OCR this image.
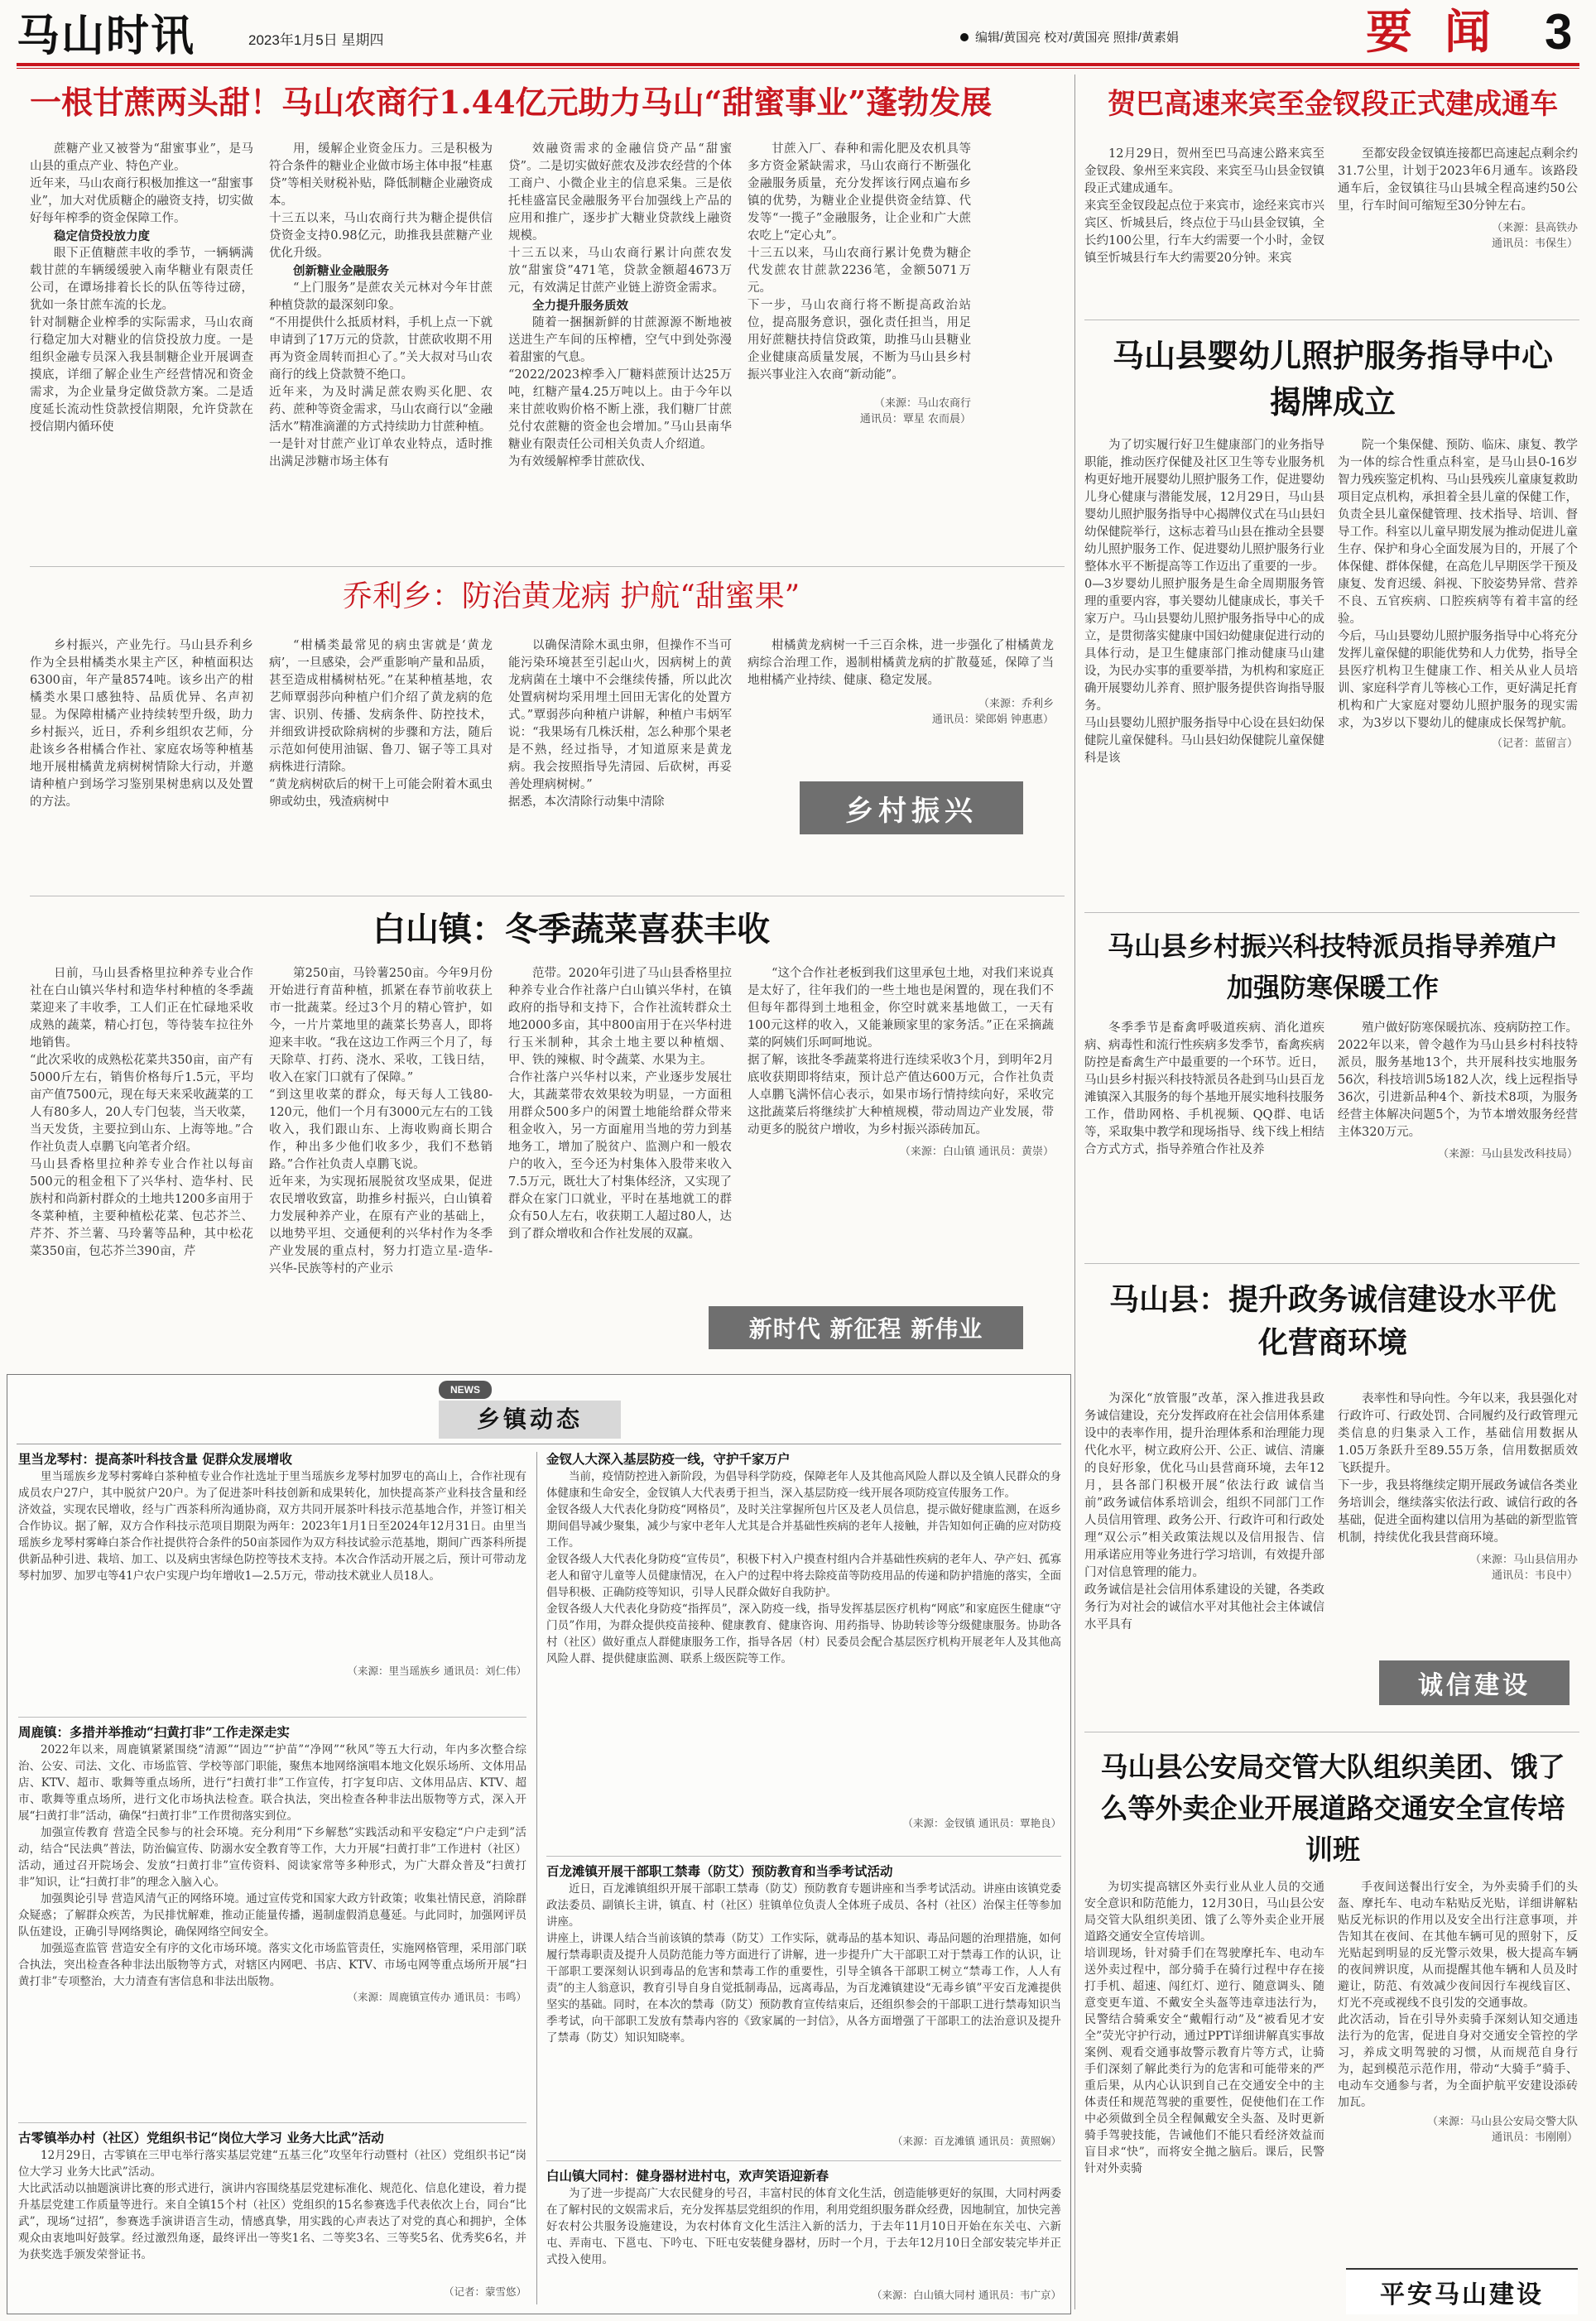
马山时讯	2023年1月5日 星期四	编辑/黄国亮 校对/黄国亮 照排/黄素娟	要  闻 3
一根甘蔗两头甜！马山农商行1.44亿元助力马山“甜蜜事业”蓬勃发展
蔗糖产业又被誉为“甜蜜事业”，是马山县的重点产业、特色产业。
近年来，马山农商行积极加推这一“甜蜜事业”，加大对优质糖企的融资支持，切实做好每年榨季的资金保障工作。
稳定信贷投放力度
眼下正值糖蔗丰收的季节，一辆辆满载甘蔗的车辆缓缓驶入南华糖业有限责任公司，在谭场排着长长的队伍等待过磅，犹如一条甘蔗车流的长龙。
针对制糖企业榨季的实际需求，马山农商行稳定加大对糖业的信贷投放力度。一是组织金融专员深入我县制糖企业开展调查摸底，详细了解企业生产经营情况和资金需求，为企业量身定做贷款方案。二是适度延长流动性贷款授信期限，允许贷款在授信期内循环使
用，缓解企业资金压力。三是积极为符合条件的糖业企业做市场主体申报“桂惠贷”等相关财税补贴，降低制糖企业融资成本。
十三五以来，马山农商行共为糖企提供信贷资金支持0.98亿元，助推我县蔗糖产业优化升级。
创新糖业金融服务
“上门服务”是蔗农关元林对今年甘蔗种植贷款的最深刻印象。
“不用提供什么抵质材料，手机上点一下就申请到了17万元的贷款，甘蔗砍收期不用再为资金周转而担心了。”关大叔对马山农商行的线上贷款赞不绝口。
近年来，为及时满足蔗农购买化肥、农药、蔗种等资金需求，马山农商行以“金融活水”精准滴灌的方式持续助力甘蔗种植。
一是针对甘蔗产业订单农业特点，适时推出满足涉糖市场主体有
效融资需求的金融信贷产品“甜蜜贷”。二是切实做好蔗农及涉农经营的个体工商户、小微企业主的信息采集。三是依托桂盛富民金融服务平台加强线上产品的应用和推广，逐步扩大糖业贷款线上融资规模。
十三五以来，马山农商行累计向蔗农发放“甜蜜贷”471笔，贷款金额超4673万元，有效满足甘蔗产业链上游资金需求。
全力提升服务质效
随着一捆捆新鲜的甘蔗源源不断地被送进生产车间的压榨槽，空气中到处弥漫着甜蜜的气息。
“2022/2023榨季入厂糖料蔗预计达25万吨，红糖产量4.25万吨以上。由于今年以来甘蔗收购价格不断上涨，我们糖厂甘蔗兑付农蔗糖的资金也会增加。”马山县南华糖业有限责任公司相关负责人介绍道。
为有效缓解榨季甘蔗砍伐、
甘蔗入厂、春种和需化肥及农机具等多方资金紧缺需求，马山农商行不断强化金融服务质量，充分发挥该行网点遍布乡镇的优势，为糖业企业提供资金结算、代发等“一揽子”金融服务，让企业和广大蔗农吃上“定心丸”。
十三五以来，马山农商行累计免费为糖企代发蔗农甘蔗款2236笔，金额5071万元。
下一步，马山农商行将不断提高政治站位，提高服务意识，强化责任担当，用足用好蔗糖扶持信贷政策，助推马山县糖业企业健康高质量发展，不断为马山县乡村振兴事业注入农商“新动能”。
（来源：马山农商行
通讯员：覃星 农而晨）
乔利乡：防治黄龙病 护航“甜蜜果”
乡村振兴，产业先行。马山县乔利乡作为全县柑橘类水果主产区，种植面积达6300亩，年产量8574吨。该乡出产的柑橘类水果口感独特、品质优异、名声初显。为保障柑橘产业持续转型升级，助力乡村振兴，近日，乔利乡组织农艺师，分赴该乡各柑橘合作社、家庭农场等种植基地开展柑橘黄龙病树树情除大行动，并邀请种植户到场学习鉴别果树患病以及处置的方法。
“柑橘类最常见的病虫害就是‘黄龙病’，一旦感染，会严重影响产量和品质，甚至造成柑橘树枯死。”在某种植基地，农艺师覃弱莎向种植户们介绍了黄龙病的危害、识别、传播、发病条件、防控技术，并细致讲授砍除病树的步骤和方法，随后示范如何使用油锯、鲁刀、锯子等工具对病株进行清除。
“黄龙病树砍后的树干上可能会附着木虱虫卵或幼虫，残渣病树中
以确保清除木虱虫卵，但操作不当可能污染环境甚至引起山火，因病树上的黄龙病菌在土壤中不会继续传播，所以此次处置病树均采用埋土回田无害化的处置方式。”覃弱莎向种植户讲解，种植户韦炳军说：“我果场有几株沃柑，怎么种那个果老是不熟，经过指导，才知道原来是黄龙病。我会按照指导先清园、后砍树，再妥善处理病树树。”
据悉，本次清除行动集中清除
柑橘黄龙病树一千三百余株，进一步强化了柑橘黄龙病综合治理工作，遏制柑橘黄龙病的扩散蔓延，保障了当地柑橘产业持续、健康、稳定发展。
（来源：乔利乡
通讯员：梁郎娟 钟惠惠）
乡村振兴
白山镇：冬季蔬菜喜获丰收
日前，马山县香格里拉种养专业合作社在白山镇兴华村和造华村种植的冬季蔬菜迎来了丰收季，工人们正在忙碌地采收成熟的蔬菜，精心打包，等待装车拉往外地销售。
“此次采收的成熟松花菜共350亩，亩产有5000斤左右，销售价格每斤1.5元，平均亩产值7500元，现在每天来采收蔬菜的工人有80多人，20人专门包装，当天收菜，当天发货，主要拉到山东、上海等地。”合作社负责人卓鹏飞向笔者介绍。
马山县香格里拉种养专业合作社以每亩500元的租金租下了兴华村、造华村、民族村和尚新村群众的土地共1200多亩用于冬菜种植，主要种植松花菜、包芯芥兰、芹芥、芥兰薯、马玲薯等品种，其中松花菜350亩，包芯芥兰390亩，芹
第250亩，马铃薯250亩。今年9月份开始进行育苗种植，抓紧在春节前收获上市一批蔬菜。经过3个月的精心管护，如今，一片片菜地里的蔬菜长势喜人，即将迎来丰收。“我在这边工作两三个月了，每天除草、打药、浇水、采收，工钱日结，收入在家门口就有了保障。”
“到这里收菜的群众，每天每人工钱80-120元，他们一个月有3000元左右的工钱收入，我们跟山东、上海收购商长期合作，种出多少他们收多少，我们不愁销路。”合作社负责人卓鹏飞说。
近年来，为实现拓展脱贫攻坚成果，促进农民增收致富，助推乡村振兴，白山镇着力发展种养产业，在原有产业的基础上，以地势平坦、交通便利的兴华村作为冬季产业发展的重点村，努力打造立星-造华-兴华-民族等村的产业示
范带。2020年引进了马山县香格里拉种养专业合作社落户白山镇兴华村，在镇政府的指导和支持下，合作社流转群众土地2000多亩，其中800亩用于在兴华村进行玉米制种，其余土地主要以种植烟、甲、铁的辣椒、时令蔬菜、水果为主。
合作社落户兴华村以来，产业逐步发展壮大，其蔬菜带农效果较为明显，一方面租用群众500多户的闲置土地能给群众带来租金收入，另一方面雇用当地的劳力到基地务工，增加了脱贫户、监测户和一般农户的收入，至今还为村集体入股带来收入7.5万元，既壮大了村集体经济，又实现了群众在家门口就业，平时在基地就工的群众有50人左右，收获期工人超过80人，达到了群众增收和合作社发展的双赢。
“这个合作社老板到我们这里承包土地，对我们来说真是太好了，往年我们的一些土地也是闲置的，现在我们不但每年都得到土地租金，你空时就来基地做工，一天有100元这样的收入，又能兼顾家里的家务活。”正在采摘蔬菜的阿姨们乐呵呵地说。
据了解，该批冬季蔬菜将进行连续采收3个月，到明年2月底收获期即将结束，预计总产值达600万元，合作社负责人卓鹏飞满怀信心表示，如果市场行情持续向好，采收完这批蔬菜后将继续扩大种植规模，带动周边产业发展，带动更多的脱贫户增收，为乡村振兴添砖加瓦。
（来源：白山镇 通讯员：黄崇）
新时代 新征程 新伟业
NEWS
乡镇动态
里当龙琴村：提高茶叶科技含量 促群众发展增收
里当瑶族乡龙琴村雾峰白茶种植专业合作社选址于里当瑶族乡龙琴村加罗屯的高山上，合作社现有成员农户27户，其中脱贫户20户。为了促进茶叶科技创新和成果转化，加快提高茶产业科技含量和经济效益，实现农民增收，经与广西茶科所沟通协商，双方共同开展茶叶科技示范基地合作，并签订相关合作协议。据了解，双方合作科技示范项目期限为两年：2023年1月1日至2024年12月31日。由里当瑶族乡龙琴村雾峰白茶合作社提供符合条件的50亩茶园作为双方科技试验示范基地，期间广西茶科所提供新品种引进、栽培、加工、以及病虫害绿色防控等技术支持。本次合作活动开展之后，预计可带动龙琴村加罗、加罗屯等41户农户实现户均年增收1—2.5万元，带动技术就业人员18人。
（来源：里当瑶族乡 通讯员：刘仁伟）
周鹿镇：多措并举推动“扫黄打非”工作走深走实
2022年以来，周鹿镇紧紧围绕“清源”“固边”“护苗”“净网”“秋风”等五大行动，年内多次整合综治、公安、司法、文化、市场监管、学校等部门职能，聚焦本地网络演唱本地文化娱乐场所、文体用品店、KTV、超市、歌舞等重点场所，进行“扫黄打非”工作宣传，打字复印店、文体用品店、KTV、超市、歌舞等重点场所，进行文化市场执法检查。联合执法，突出检查各种非法出版物等方式，深入开展“扫黄打非”活动，确保“扫黄打非”工作贯彻落实到位。
加强宣传教育 营造全民参与的社会环境。充分利用“下乡解愁”实践活动和平安稳定“户户走到”活动，结合“民法典”普法，防治偏宣传、防溺水安全教育等工作，大力开展“扫黄打非”工作进村（社区）活动，通过召开院场会、发放“扫黄打非”宣传资料、阅读家常等多种形式，为广大群众普及“扫黄打非”知识，让“扫黄打非”的理念入脑入心。
加强舆论引导 营造风清气正的网络环境。通过宣传党和国家大政方针政策；收集社情民意，消除群众疑惑；了解群众疾苦，为民排忧解难，推动正能量传播，遏制虚假消息蔓延。与此同时，加强网评员队伍建设，正确引导网络舆论，确保网络空间安全。
加强巡查监管 营造安全有序的文化市场环境。落实文化市场监管责任，实施网格管理，采用部门联合执法，突出检查各种非法出版物等方式，对辖区内网吧、书店、KTV、市场屯网等重点场所开展“扫黄打非”专项整治，大力清查有害信息和非法出版物。
（来源：周鹿镇宣传办 通讯员：韦鸣）
古零镇举办村（社区）党组织书记“岗位大学习 业务大比武”活动
12月29日，古零镇在三甲屯举行落实基层党建“五基三化”攻坚年行动暨村（社区）党组织书记“岗位大学习 业务大比武”活动。
大比武活动以抽题演讲比赛的形式进行，演讲内容围绕基层党建标准化、规范化、信息化建设，着力提升基层党建工作质量等进行。来自全镇15个村（社区）党组织的15名参赛选手代表依次上台，同台“比武”，现场“过招”，参赛选手演讲语言生动，情感真挚，用实践的心声表达了对党的真心和拥护，全体观众由衷地叫好鼓掌。经过激烈角逐，最终评出一等奖1名、二等奖3名、三等奖5名、优秀奖6名，并为获奖选手颁发荣誉证书。
（记者：蒙雪悠）
金钗人大深入基层防疫一线，守护千家万户
当前，疫情防控进入新阶段，为倡导科学防疫，保障老年人及其他高风险人群以及全镇人民群众的身体健康和生命安全，金钗镇人大代表勇于担当，深入基层防疫一线开展各项防疫宣传服务工作。
金钗各级人大代表化身防疫“网格员”，及时关注掌握所包片区及老人员信息，提示做好健康监测，在返乡期间倡导减少聚集，减少与家中老年人尤其是合并基础性疾病的老年人接触，并告知如何正确的应对防疫工作。
金钗各级人大代表化身防疫“宣传员”，积极下村入户摸查村组内合并基础性疾病的老年人、孕产妇、孤寡老人和留守儿童等人员健康情况，在入户的过程中将去除疫苗等防疫用品的传递和防护措施的落实，全面倡导积极、正确防疫等知识，引导人民群众做好自我防护。
金钗各级人大代表化身防疫“指挥员”，深入防疫一线，指导发挥基层医疗机构“网底”和家庭医生健康“守门员”作用，为群众提供疫苗接种、健康教育、健康咨询、用药指导、协助转诊等分级健康服务。协助各村（社区）做好重点人群健康服务工作，指导各居（村）民委员会配合基层医疗机构开展老年人及其他高风险人群、提供健康监测、联系上级医院等工作。
（来源：金钗镇 通讯员：覃艳良）
百龙滩镇开展干部职工禁毒（防艾）预防教育和当季考试活动
近日，百龙滩镇组织开展干部职工禁毒（防艾）预防教育专题讲座和当季考试活动。讲座由该镇党委政法委员、副镇长主讲，镇直、村（社区）驻镇单位负责人全体班子成员、各村（社区）治保主任等参加讲座。
讲座上，讲课人结合当前该镇的禁毒（防艾）工作实际，就毒品的基本知识、毒品问题的治理措施，如何履行禁毒职责及提升人员防范能力等方面进行了讲解，进一步提升广大干部职工对于禁毒工作的认识，让干部职工要深刻认识到毒品的危害和禁毒工作的重要性，引导全镇各干部职工树立“禁毒工作，人人有责”的主人翁意识，教育引导自身自觉抵制毒品，远离毒品，为百龙滩镇建设“无毒乡镇”平安百龙滩提供坚实的基础。同时，在本次的禁毒（防艾）预防教育宣传结束后，还组织参会的干部职工进行禁毒知识当季考试，向干部职工发放有禁毒内容的《致家属的一封信》，从各方面增强了干部职工的法治意识及提升了禁毒（防艾）知识知晓率。
（来源：百龙滩镇 通讯员：黄照娴）
白山镇大同村：健身器材进村屯，欢声笑语迎新春
为了进一步提高广大农民健身的号召，丰富村民的体育文化生活，创造能够更好的氛围，大同村两委在了解村民的文娱需求后，充分发挥基层党组织的作用，利用党组织服务群众经费，因地制宜，加快完善好农村公共服务设施建设，为农村体育文化生活注入新的活力，于去年11月10日开始在东关屯、六新屯、弄南屯、下邕屯、下吟屯、下旺屯安装健身器材，历时一个月，于去年12月10日全部安装完毕并正式投入使用。
（来源：白山镇大同村 通讯员：韦广京）
贺巴高速来宾至金钗段正式建成通车
12月29日，贺州至巴马高速公路来宾至金钗段、象州至来宾段、来宾至马山县金钗镇段正式建成通车。
来宾至金钗段起点位于来宾市，途经来宾市兴宾区、忻城县后，终点位于马山县金钗镇，全长约100公里，行车大约需要一个小时，金钗镇至忻城县行车大约需要20分钟。来宾
至都安段金钗镇连接都巴高速起点剩余约31.7公里，计划于2023年6月通车。该路段通车后，金钗镇往马山县城全程高速约50公里，行车时间可缩短至30分钟左右。
（来源：县高铁办
通讯员：韦保生）
马山县婴幼儿照护服务指导中心揭牌成立
为了切实履行好卫生健康部门的业务指导职能，推动医疗保健及社区卫生等专业服务机构更好地开展婴幼儿照护服务工作，促进婴幼儿身心健康与潜能发展，12月29日，马山县婴幼儿照护服务指导中心揭牌仪式在马山县妇幼保健院举行，这标志着马山县在推动全县婴幼儿照护服务工作、促进婴幼儿照护服务行业整体水平不断提高等工作迈出了重要的一步。
0—3岁婴幼儿照护服务是生命全周期服务管理的重要内容，事关婴幼儿健康成长，事关千家万户。马山县婴幼儿照护服务指导中心的成立，是贯彻落实健康中国妇幼健康促进行动的具体行动，是卫生健康部门推动健康马山建设，为民办实事的重要举措，为机构和家庭正确开展婴幼儿养育、照护服务提供咨询指导服务。
马山县婴幼儿照护服务指导中心设在县妇幼保健院儿童保健科。马山县妇幼保健院儿童保健科是该
院一个集保健、预防、临床、康复、教学为一体的综合性重点科室，是马山县0-16岁智力残疾鉴定机构、马山县残疾儿童康复救助项目定点机构，承担着全县儿童的保健工作，负责全县儿童保健管理、技术指导、培训、督导工作。科室以儿童早期发展为推动促进儿童生存、保护和身心全面发展为目的，开展了个体保健、群体保健，在高危儿早期医学干预及康复、发育迟缓、斜视、下胶姿势异常、营养不良、五官疾病、口腔疾病等有着丰富的经验。
今后，马山县婴幼儿照护服务指导中心将充分发挥儿童保健的职能优势和人力优势，指导全县医疗机构卫生健康工作、相关从业人员培训、家庭科学育儿等核心工作，更好满足托育机构和广大家庭对婴幼儿照护服务的现实需求，为3岁以下婴幼儿的健康成长保驾护航。
（记者：蓝留言）
马山县乡村振兴科技特派员指导养殖户加强防寒保暖工作
冬季季节是畜禽呼吸道疾病、消化道疾病、病毒性和流行性疾病多发季节，畜禽疾病防控是畜禽生产中最重要的一个环节。近日，马山县乡村振兴科技特派员各赴到马山县百龙滩镇深入其服务的每个基地开展实地科技服务工作，借助网格、手机视频、QQ群、电话等，采取集中教学和现场指导、线下线上相结合方式方式，指导养殖合作社及养
殖户做好防寒保暖抗冻、疫病防控工作。
2022年以来，曾令越作为马山县乡村科技特派员，服务基地13个，共开展科技实地服务56次，科技培训5场182人次，线上远程指导36次，引进新品种4个、新技术8项，为服务经营主体解决问题5个，为节本增效服务经营主体320万元。
（来源：马山县发改科技局）
马山县：提升政务诚信建设水平优化营商环境
为深化“放管服”改革，深入推进我县政务诚信建设，充分发挥政府在社会信用体系建设中的表率作用，提升治理体系和治理能力现代化水平，树立政府公开、公正、诚信、清廉的良好形象，优化马山县营商环境，去年12月，县各部门积极开展“依法行政 诚信当前”政务诚信体系培训会，组织不同部门工作人员信用管理、政务公开、行政许可和行政处理“双公示”相关政策法规以及信用报告、信用承诺应用等业务进行学习培训，有效提升部门对信息管理的能力。
政务诚信是社会信用体系建设的关键，各类政务行为对社会的诚信水平对其他社会主体诚信水平具有
表率性和导向性。今年以来，我县强化对行政许可、行政处罚、合同履约及行政管理元类信息的归集录入工作，基础信用数据从1.05万条跃升至89.55万条，信用数据质效飞跃提升。
下一步，我县将继续定期开展政务诚信各类业务培训会，继续落实依法行政、诚信行政的各基础，促进全面构建以信用为基础的新型监管机制，持续优化我县营商环境。
（来源：马山县信用办
通讯员：韦良中）
诚信建设
马山县公安局交管大队组织美团、饿了么等外卖企业开展道路交通安全宣传培训班
为切实提高辖区外卖行业从业人员的交通安全意识和防范能力，12月30日，马山县公安局交管大队组织美团、饿了么等外卖企业开展道路交通安全宣传培训。
培训现场，针对骑手们在驾驶摩托车、电动车送外卖过程中，部分骑手在骑行过程中存在接打手机、超速、闯红灯、逆行、随意调头、随意变更车道、不戴安全头盔等违章违法行为，民警结合骑乘安全“戴帽行动”及“被看见才安全”荧光守护行动，通过PPT详细讲解真实事故案例、观看交通事故警示教育片等方式，让骑手们深刻了解此类行为的危害和可能带来的严重后果，从内心认识到自己在交通安全中的主体责任和规范驾驶的重要性，促使他们在工作中必须做到全员全程佩戴安全头盔、及时更新骑手驾驶技能，告诫他们不能只看经济效益而盲目求“快”，而将安全拋之脑后。课后，民警针对外卖骑
手夜间送餐出行安全，为外卖骑手们的头盔、摩托车、电动车粘贴反光贴，详细讲解粘贴反光标识的作用以及安全出行注意事项，并告知其在夜间、在其他车辆可见的照射下，反光贴起到明显的反光警示效果，极大提高车辆的夜间辨识度，从而提醒其他车辆和人员及时避让，防范、有效减少夜间因行车视线盲区、灯光不亮或视线不良引发的交通事故。
此次活动，旨在引导外卖骑手深刻认知交通违法行为的危害，促进自身对交通安全管控的学习，养成文明驾驶的习惯，从而规范自身行为，起到模范示范作用，带动“大骑手”骑手、电动车交通参与者，为全面护航平安建设添砖加瓦。
（来源：马山县公安局交警大队
通讯员：韦刚刚）
平安马山建设
